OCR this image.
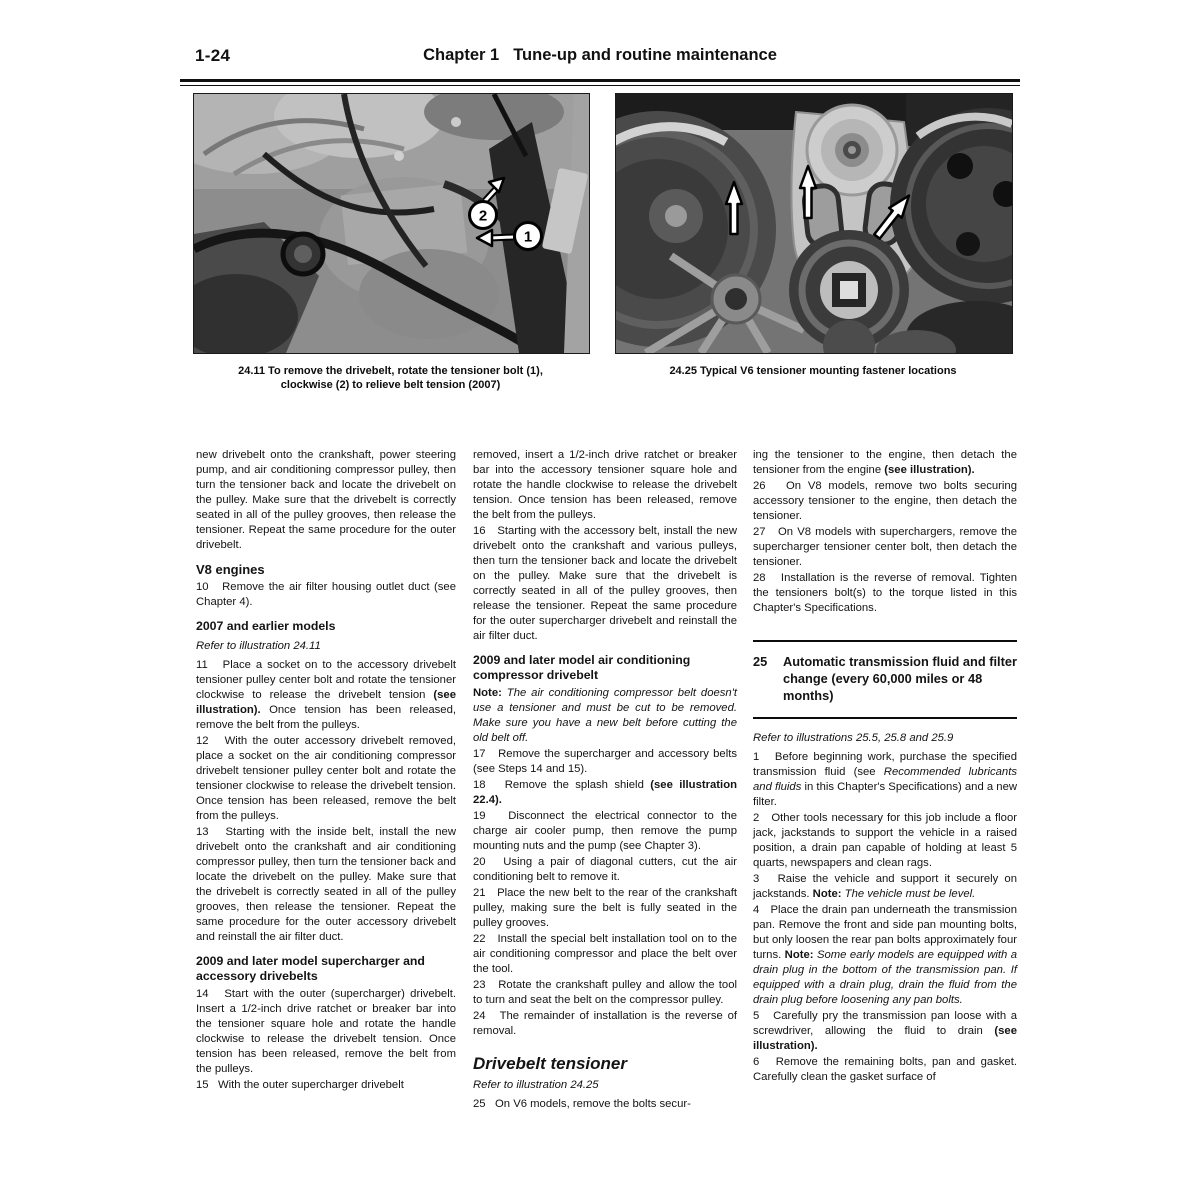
1-24	Chapter 1 Tune-up and routine maintenance
2
1
24.11 To remove the drivebelt, rotate the tensioner bolt (1),
clockwise (2) to relieve belt tension (2007)
24.25 Typical V6 tensioner mounting fastener locations

new drivebelt onto the crankshaft, power steering pump, and air conditioning compressor pulley, then turn the tensioner back and locate the drivebelt on the pulley. Make sure that the drivebelt is correctly seated in all of the pulley grooves, then release the tensioner. Repeat the same procedure for the outer drivebelt.

V8 engines

10   Remove the air filter housing outlet duct (see Chapter 4).

2007 and earlier models

Refer to illustration 24.11

11   Place a socket on to the accessory drivebelt tensioner pulley center bolt and rotate the tensioner clockwise to release the drivebelt tension (see illustration). Once tension has been released, remove the belt from the pulleys.

12   With the outer accessory drivebelt removed, place a socket on the air conditioning compressor drivebelt tensioner pulley center bolt and rotate the tensioner clockwise to release the drivebelt tension. Once tension has been released, remove the belt from the pulleys.

13   Starting with the inside belt, install the new drivebelt onto the crankshaft and air conditioning compressor pulley, then turn the tensioner back and locate the drivebelt on the pulley. Make sure that the drivebelt is correctly seated in all of the pulley grooves, then release the tensioner. Repeat the same procedure for the outer accessory drivebelt and reinstall the air filter duct.

2009 and later model supercharger and accessory drivebelts

14   Start with the outer (supercharger) drivebelt. Insert a 1/2-inch drive ratchet or breaker bar into the tensioner square hole and rotate the handle clockwise to release the drivebelt tension. Once tension has been released, remove the belt from the pulleys.

15   With the outer supercharger drivebelt

removed, insert a 1/2-inch drive ratchet or breaker bar into the accessory tensioner square hole and rotate the handle clockwise to release the drivebelt tension. Once tension has been released, remove the belt from the pulleys.

16   Starting with the accessory belt, install the new drivebelt onto the crankshaft and various pulleys, then turn the tensioner back and locate the drivebelt on the pulley. Make sure that the drivebelt is correctly seated in all of the pulley grooves, then release the tensioner. Repeat the same procedure for the outer supercharger drivebelt and reinstall the air filter duct.

2009 and later model air conditioning compressor drivebelt

Note: The air conditioning compressor belt doesn't use a tensioner and must be cut to be removed. Make sure you have a new belt before cutting the old belt off.

17   Remove the supercharger and accessory belts (see Steps 14 and 15).

18   Remove the splash shield (see illustration 22.4).

19   Disconnect the electrical connector to the charge air cooler pump, then remove the pump mounting nuts and the pump (see Chapter 3).

20   Using a pair of diagonal cutters, cut the air conditioning belt to remove it.

21   Place the new belt to the rear of the crankshaft pulley, making sure the belt is fully seated in the pulley grooves.

22   Install the special belt installation tool on to the air conditioning compressor and place the belt over the tool.

23   Rotate the crankshaft pulley and allow the tool to turn and seat the belt on the compressor pulley.

24   The remainder of installation is the reverse of removal.

Drivebelt tensioner

Refer to illustration 24.25

25   On V6 models, remove the bolts secur-

ing the tensioner to the engine, then detach the tensioner from the engine (see illustration).

26   On V8 models, remove two bolts securing accessory tensioner to the engine, then detach the tensioner.

27   On V8 models with superchargers, remove the supercharger tensioner center bolt, then detach the tensioner.

28   Installation is the reverse of removal. Tighten the tensioners bolt(s) to the torque listed in this Chapter's Specifications.

25	Automatic transmission fluid and filter change (every 60,000 miles or 48 months)

Refer to illustrations 25.5, 25.8 and 25.9

1   Before beginning work, purchase the specified transmission fluid (see Recommended lubricants and fluids in this Chapter's Specifications) and a new filter.

2   Other tools necessary for this job include a floor jack, jackstands to support the vehicle in a raised position, a drain pan capable of holding at least 5 quarts, newspapers and clean rags.

3   Raise the vehicle and support it securely on jackstands. Note: The vehicle must be level.

4   Place the drain pan underneath the transmission pan. Remove the front and side pan mounting bolts, but only loosen the rear pan bolts approximately four turns. Note: Some early models are equipped with a drain plug in the bottom of the transmission pan. If equipped with a drain plug, drain the fluid from the drain plug before loosening any pan bolts.

5   Carefully pry the transmission pan loose with a screwdriver, allowing the fluid to drain (see illustration).

6   Remove the remaining bolts, pan and gasket. Carefully clean the gasket surface of
